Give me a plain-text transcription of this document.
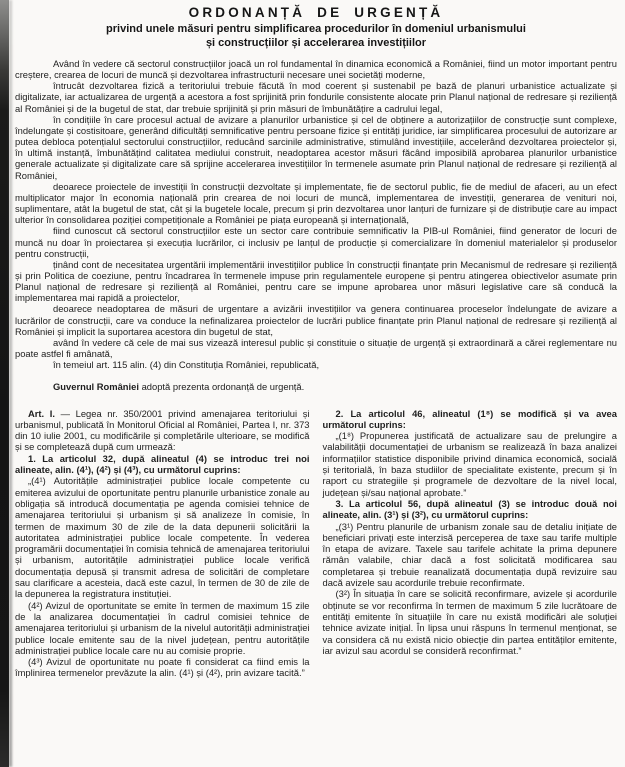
ORDONANȚĂ DE URGENȚĂ

privind unele măsuri pentru simplificarea procedurilor în domeniul urbanismului
și construcțiilor și accelerarea investițiilor

Având în vedere că sectorul construcțiilor joacă un rol fundamental în dinamica economică a României, fiind un motor important pentru creștere, crearea de locuri de muncă și dezvoltarea infrastructurii necesare unei societăți moderne,

întrucât dezvoltarea fizică a teritoriului trebuie făcută în mod coerent și sustenabil pe bază de planuri urbanistice actualizate și digitalizate, iar actualizarea de urgență a acestora a fost sprijinită prin fondurile consistente alocate prin Planul național de redresare și reziliență al României și de la bugetul de stat, dar trebuie sprijinită și prin măsuri de îmbunătățire a cadrului legal,

în condițiile în care procesul actual de avizare a planurilor urbanistice și cel de obținere a autorizațiilor de construcție sunt complexe, îndelungate și costisitoare, generând dificultăți semnificative pentru persoane fizice și entități juridice, iar simplificarea procesului de autorizare ar putea debloca potențialul sectorului construcțiilor, reducând sarcinile administrative, stimulând investițiile, accelerând dezvoltarea proiectelor și, în ultimă instanță, îmbunătățind calitatea mediului construit, neadoptarea acestor măsuri făcând imposibilă aprobarea planurilor urbanistice generale actualizate și digitalizate care să sprijine accelerarea investițiilor în termenele asumate prin Planul național de redresare și reziliență al României,

deoarece proiectele de investiții în construcții dezvoltate și implementate, fie de sectorul public, fie de mediul de afaceri, au un efect multiplicator major în economia națională prin crearea de noi locuri de muncă, implementarea de investiții, generarea de venituri noi, suplimentare, atât la bugetul de stat, cât și la bugetele locale, precum și prin dezvoltarea unor lanțuri de furnizare și de distribuție care au impact ulterior în consolidarea poziției competiționale a României pe piața europeană și internațională,

fiind cunoscut că sectorul construcțiilor este un sector care contribuie semnificativ la PIB-ul României, fiind generator de locuri de muncă nu doar în proiectarea și execuția lucrărilor, ci inclusiv pe lanțul de producție și comercializare în domeniul materialelor și produselor pentru construcții,

ținând cont de necesitatea urgentării implementării investițiilor publice în construcții finanțate prin Mecanismul de redresare și reziliență și prin Politica de coeziune, pentru încadrarea în termenele impuse prin regulamentele europene și pentru atingerea obiectivelor asumate prin Planul național de redresare și reziliență al României, pentru care se impune aprobarea unor măsuri legislative care să conducă la implementarea mai rapidă a proiectelor,

deoarece neadoptarea de măsuri de urgentare a avizării investițiilor va genera continuarea proceselor îndelungate de avizare a lucrărilor de construcții, care va conduce la nefinalizarea proiectelor de lucrări publice finanțate prin Planul național de redresare și reziliență al României și implicit la suportarea acestora din bugetul de stat,

având în vedere că cele de mai sus vizează interesul public și constituie o situație de urgență și extraordinară a cărei reglementare nu poate astfel fi amânată,

în temeiul art. 115 alin. (4) din Constituția României, republicată,

Guvernul României adoptă prezenta ordonanță de urgență.

Art. I. — Legea nr. 350/2001 privind amenajarea teritoriului și urbanismul, publicată în Monitorul Oficial al României, Partea I, nr. 373 din 10 iulie 2001, cu modificările și completările ulterioare, se modifică și se completează după cum urmează:

1. La articolul 32, după alineatul (4) se introduc trei noi alineate, alin. (4¹), (4²) și (4³), cu următorul cuprins:

„(4¹) Autoritățile administrației publice locale competente cu emiterea avizului de oportunitate pentru planurile urbanistice zonale au obligația să introducă documentația pe agenda comisiei tehnice de amenajarea teritoriului și urbanism și să analizeze în comisie, în termen de maximum 30 de zile de la data depunerii solicitării la autoritatea administrației publice locale competente. În vederea programării documentației în comisia tehnică de amenajarea teritoriului și urbanism, autoritățile administrației publice locale verifică documentația depusă și transmit adresa de solicitări de completare sau clarificare a acesteia, dacă este cazul, în termen de 30 de zile de la depunerea la registratura instituției.

(4²) Avizul de oportunitate se emite în termen de maximum 15 zile de la analizarea documentației în cadrul comisiei tehnice de amenajarea teritoriului și urbanism de la nivelul autorității administrației publice locale emitente sau de la nivel județean, pentru autoritățile administrației publice locale care nu au comisie proprie.

(4³) Avizul de oportunitate nu poate fi considerat ca fiind emis la împlinirea termenelor prevăzute la alin. (4¹) și (4²), prin avizare tacită.”

2. La articolul 46, alineatul (1⁸) se modifică și va avea următorul cuprins:

„(1⁸) Propunerea justificată de actualizare sau de prelungire a valabilității documentației de urbanism se realizează în baza analizei informațiilor statistice disponibile privind dinamica economică, socială și teritorială, în baza studiilor de specialitate existente, precum și în raport cu strategiile și programele de dezvoltare de la nivel local, județean și/sau național aprobate.”

3. La articolul 56, după alineatul (3) se introduc două noi alineate, alin. (3¹) și (3²), cu următorul cuprins:

„(3¹) Pentru planurile de urbanism zonale sau de detaliu inițiate de beneficiari privați este interzisă perceperea de taxe sau tarife multiple în etapa de avizare. Taxele sau tarifele achitate la prima depunere rămân valabile, chiar dacă a fost solicitată modificarea sau completarea și trebuie reanalizată documentația după revizuire sau dacă avizele sau acordurile trebuie reconfirmate.

(3²) În situația în care se solicită reconfirmare, avizele și acordurile obținute se vor reconfirma în termen de maximum 5 zile lucrătoare de entități emitente în situațiile în care nu există modificări ale soluției tehnice avizate inițial. În lipsa unui răspuns în termenul menționat, se va considera că nu există nicio obiecție din partea entităților emitente, iar avizul sau acordul se consideră reconfirmat.”
